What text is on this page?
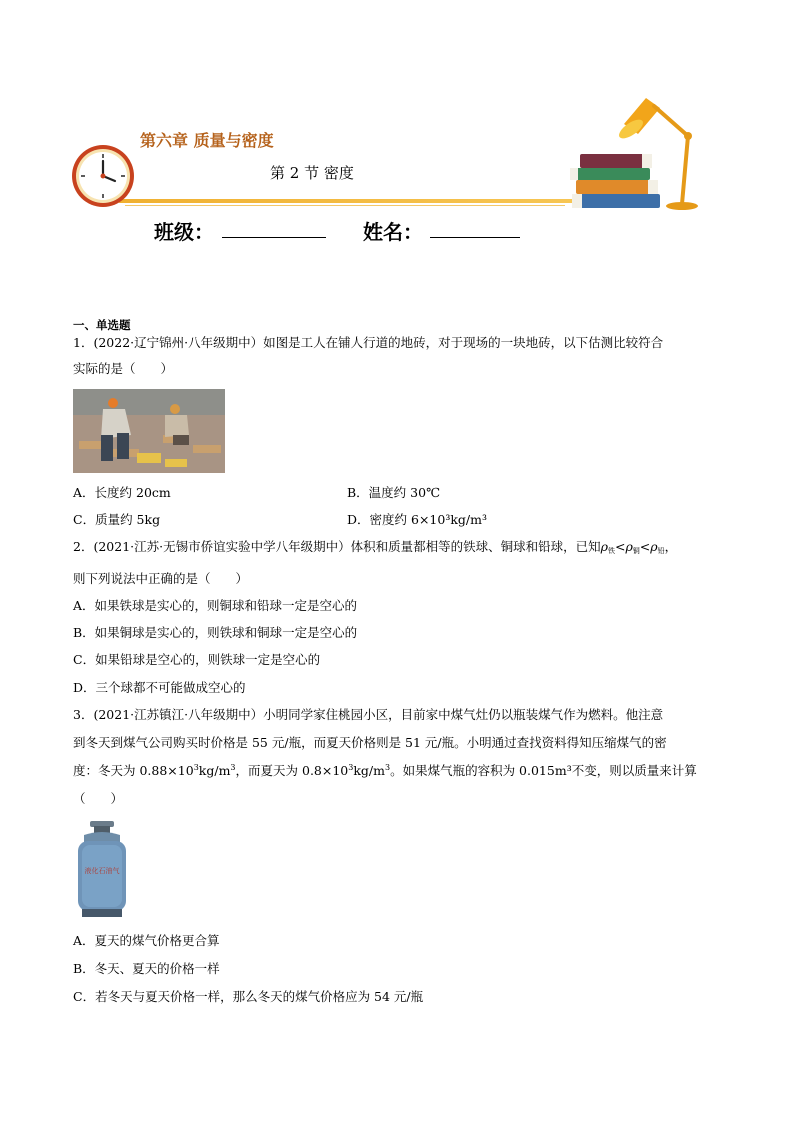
第六章 质量与密度
第 2 节 密度
班级：	姓名：
一、单选题
1．(2022·辽宁锦州·八年级期中）如图是工人在铺人行道的地砖，对于现场的一块地砖，以下估测比较符合
实际的是（　　）
A．长度约 20cm	B．温度约 30℃
C．质量约 5kg	D．密度约 6×10³kg/m³
2．(2021·江苏·无锡市侨谊实验中学八年级期中）体积和质量都相等的铁球、铜球和铅球，已知$\rho_铁<\rho_铜<\rho_铅$，
则下列说法中正确的是（　　）
A．如果铁球是实心的，则铜球和铅球一定是空心的
B．如果铜球是实心的，则铁球和铜球一定是空心的
C．如果铅球是空心的，则铁球一定是空心的
D．三个球都不可能做成空心的
3．(2021·江苏镇江·八年级期中）小明同学家住桃园小区，目前家中煤气灶仍以瓶装煤气作为燃料。他注意
到冬天到煤气公司购买时价格是 55 元/瓶，而夏天价格则是 51 元/瓶。小明通过查找资料得知压缩煤气的密
度：冬天为 $0.88\times 10^3kg/m^3$，而夏天为 $0.8\times 10^3kg/m^3$。如果煤气瓶的容积为 0.015m³不变，则以质量来计算
（　　）
液化石油气
A．夏天的煤气价格更合算
B．冬天、夏天的价格一样
C．若冬天与夏天价格一样，那么冬天的煤气价格应为 54 元/瓶
